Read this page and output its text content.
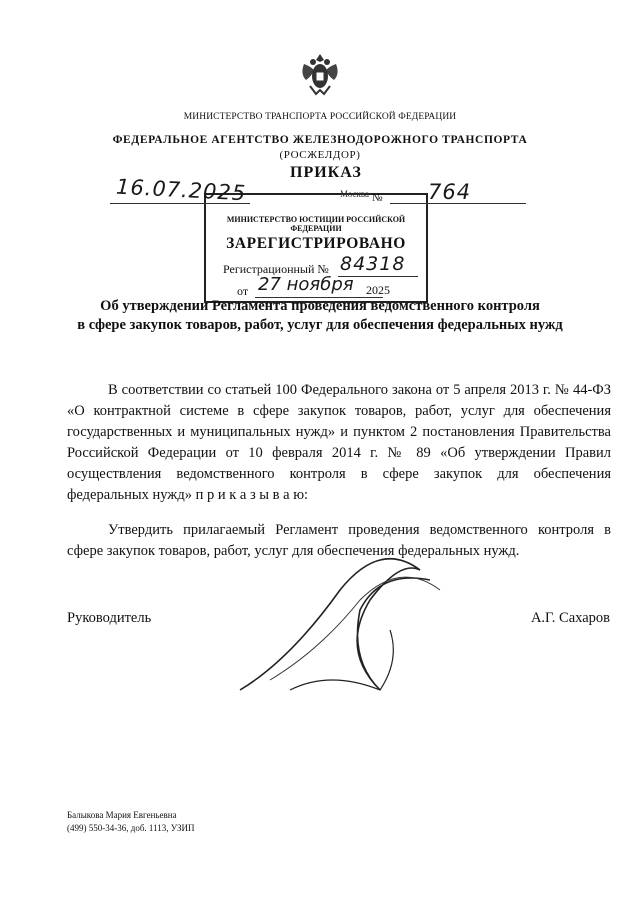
МИНИСТЕРСТВО ТРАНСПОРТА РОССИЙСКОЙ ФЕДЕРАЦИИ
ФЕДЕРАЛЬНОЕ АГЕНТСТВО ЖЕЛЕЗНОДОРОЖНОГО ТРАНСПОРТА
(РОСЖЕЛДОР)
ПРИКАЗ
Москва №
16.07.2025	764
МИНИСТЕРСТВО ЮСТИЦИИ РОССИЙСКОЙ ФЕДЕРАЦИИ
ЗАРЕГИСТРИРОВАНО
Регистрационный № 84318
от 27 ноября 2025
Об утверждении Регламента проведения ведомственного контроля
в сфере закупок товаров, работ, услуг для обеспечения федеральных нужд
В соответствии со статьей 100 Федерального закона от 5 апреля 2013 г. № 44-ФЗ «О контрактной системе в сфере закупок товаров, работ, услуг для обеспечения государственных и муниципальных нужд» и пунктом 2 постановления Правительства Российской Федерации от 10 февраля 2014 г. № 89 «Об утверждении Правил осуществления ведомственного контроля в сфере закупок для обеспечения федеральных нужд» п р и к а з ы в а ю:
Утвердить прилагаемый Регламент проведения ведомственного контроля в сфере закупок товаров, работ, услуг для обеспечения федеральных нужд.
Руководитель	А.Г. Сахаров
Балыкова Мария Евгеньевна
(499) 550-34-36, доб. 1113, УЗИП
